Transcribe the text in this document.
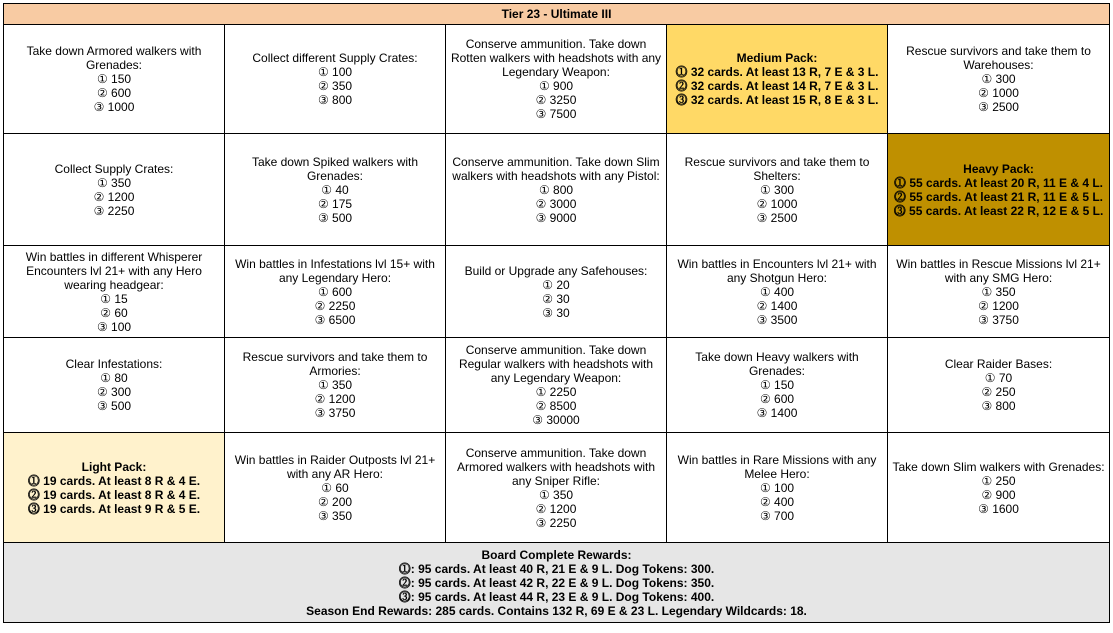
Tier 23 - Ultimate III				

Take down Armored walkers with Grenades:
① 150
② 600
③ 1000	Collect different Supply Crates:
① 100
② 350
③ 800	Conserve ammunition. Take down Rotten walkers with headshots with any Legendary Weapon:
① 900
② 3250
③ 7500	Medium Pack:
⓵ 32 cards. At least 13 R, 7 E & 3 L.
⓶ 32 cards. At least 14 R, 7 E & 3 L.
⓷ 32 cards. At least 15 R, 8 E & 3 L.	Rescue survivors and take them to Warehouses:
① 300
② 1000
③ 2500

Collect Supply Crates:
① 350
② 1200
③ 2250	Take down Spiked walkers with Grenades:
① 40
② 175
③ 500	Conserve ammunition. Take down Slim walkers with headshots with any Pistol:
① 800
② 3000
③ 9000	Rescue survivors and take them to Shelters:
① 300
② 1000
③ 2500	Heavy Pack:
⓵ 55 cards. At least 20 R, 11 E & 4 L.
⓶ 55 cards. At least 21 R, 11 E & 5 L.
⓷ 55 cards. At least 22 R, 12 E & 5 L.

Win battles in different Whisperer Encounters lvl 21+ with any Hero wearing headgear:
① 15
② 60
③ 100	Win battles in Infestations lvl 15+ with any Legendary Hero:
① 600
② 2250
③ 6500	Build or Upgrade any Safehouses:
① 20
② 30
③ 30	Win battles in Encounters lvl 21+ with any Shotgun Hero:
① 400
② 1400
③ 3500	Win battles in Rescue Missions lvl 21+ with any SMG Hero:
① 350
② 1200
③ 3750

Clear Infestations:
① 80
② 300
③ 500	Rescue survivors and take them to Armories:
① 350
② 1200
③ 3750	Conserve ammunition. Take down Regular walkers with headshots with any Legendary Weapon:
① 2250
② 8500
③ 30000	Take down Heavy walkers with Grenades:
① 150
② 600
③ 1400	Clear Raider Bases:
① 70
② 250
③ 800

Light Pack:
⓵ 19 cards. At least 8 R & 4 E.
⓶ 19 cards. At least 8 R & 4 E.
⓷ 19 cards. At least 9 R & 5 E.	Win battles in Raider Outposts lvl 21+ with any AR Hero:
① 60
② 200
③ 350	Conserve ammunition. Take down Armored walkers with headshots with any Sniper Rifle:
① 350
② 1200
③ 2250	Win battles in Rare Missions with any Melee Hero:
① 100
② 400
③ 700	Take down Slim walkers with Grenades:
① 250
② 900
③ 1600

Board Complete Rewards:
⓵: 95 cards. At least 40 R, 21 E & 9 L. Dog Tokens: 300.
⓶: 95 cards. At least 42 R, 22 E & 9 L. Dog Tokens: 350.
⓷: 95 cards. At least 44 R, 23 E & 9 L. Dog Tokens: 400.
Season End Rewards: 285 cards. Contains 132 R, 69 E & 23 L. Legendary Wildcards: 18.				
